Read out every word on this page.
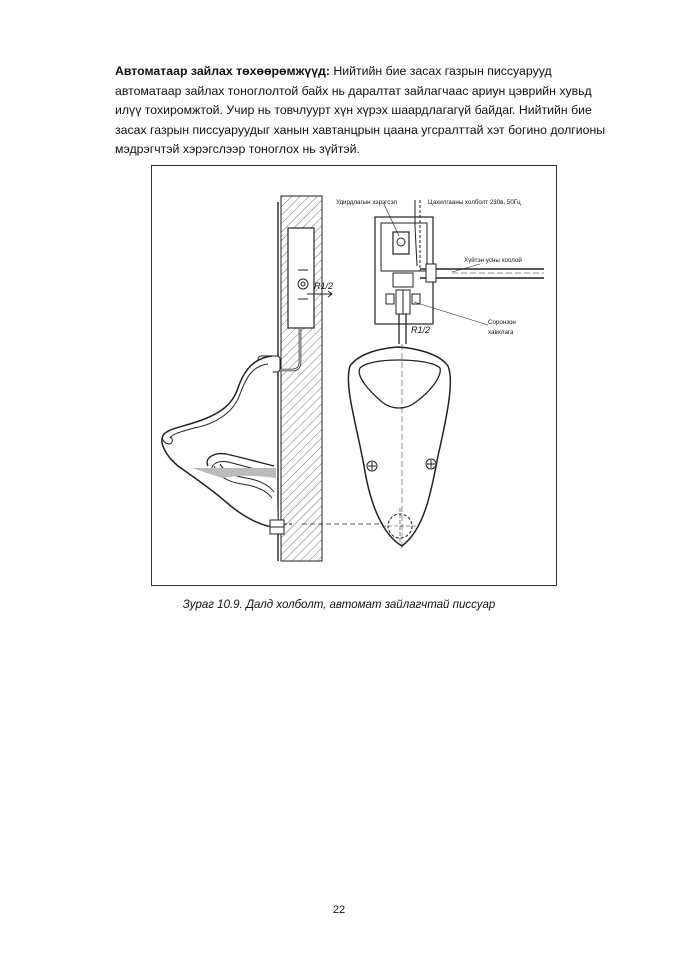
Автоматаар зайлах төхөөрөмжүүд: Нийтийн бие засах газрын писсуарууд автоматаар зайлах тоноглолтой байх нь даралтат зайлагчаас ариун цэврийн хувьд илүү тохиромжтой. Учир нь товчлуурт хүн хүрэх шаардлагагүй байдаг. Нийтийн бие засах газрын писсуаруудыг ханын хавтанцрын цаана угсралттай хэт богино долгионы мэдрэгчтэй хэрэгслээр тоноглох нь зүйтэй.

Удирдлагын хэрэгсэл	Цахилгааны холболт 230в, 50Гц
Хүйтэн усны хоолой
Соронзон
хавхлага
R1/2
R1/2
Зураг 10.9. Далд холболт, автомат зайлагчтай писсуар
22
